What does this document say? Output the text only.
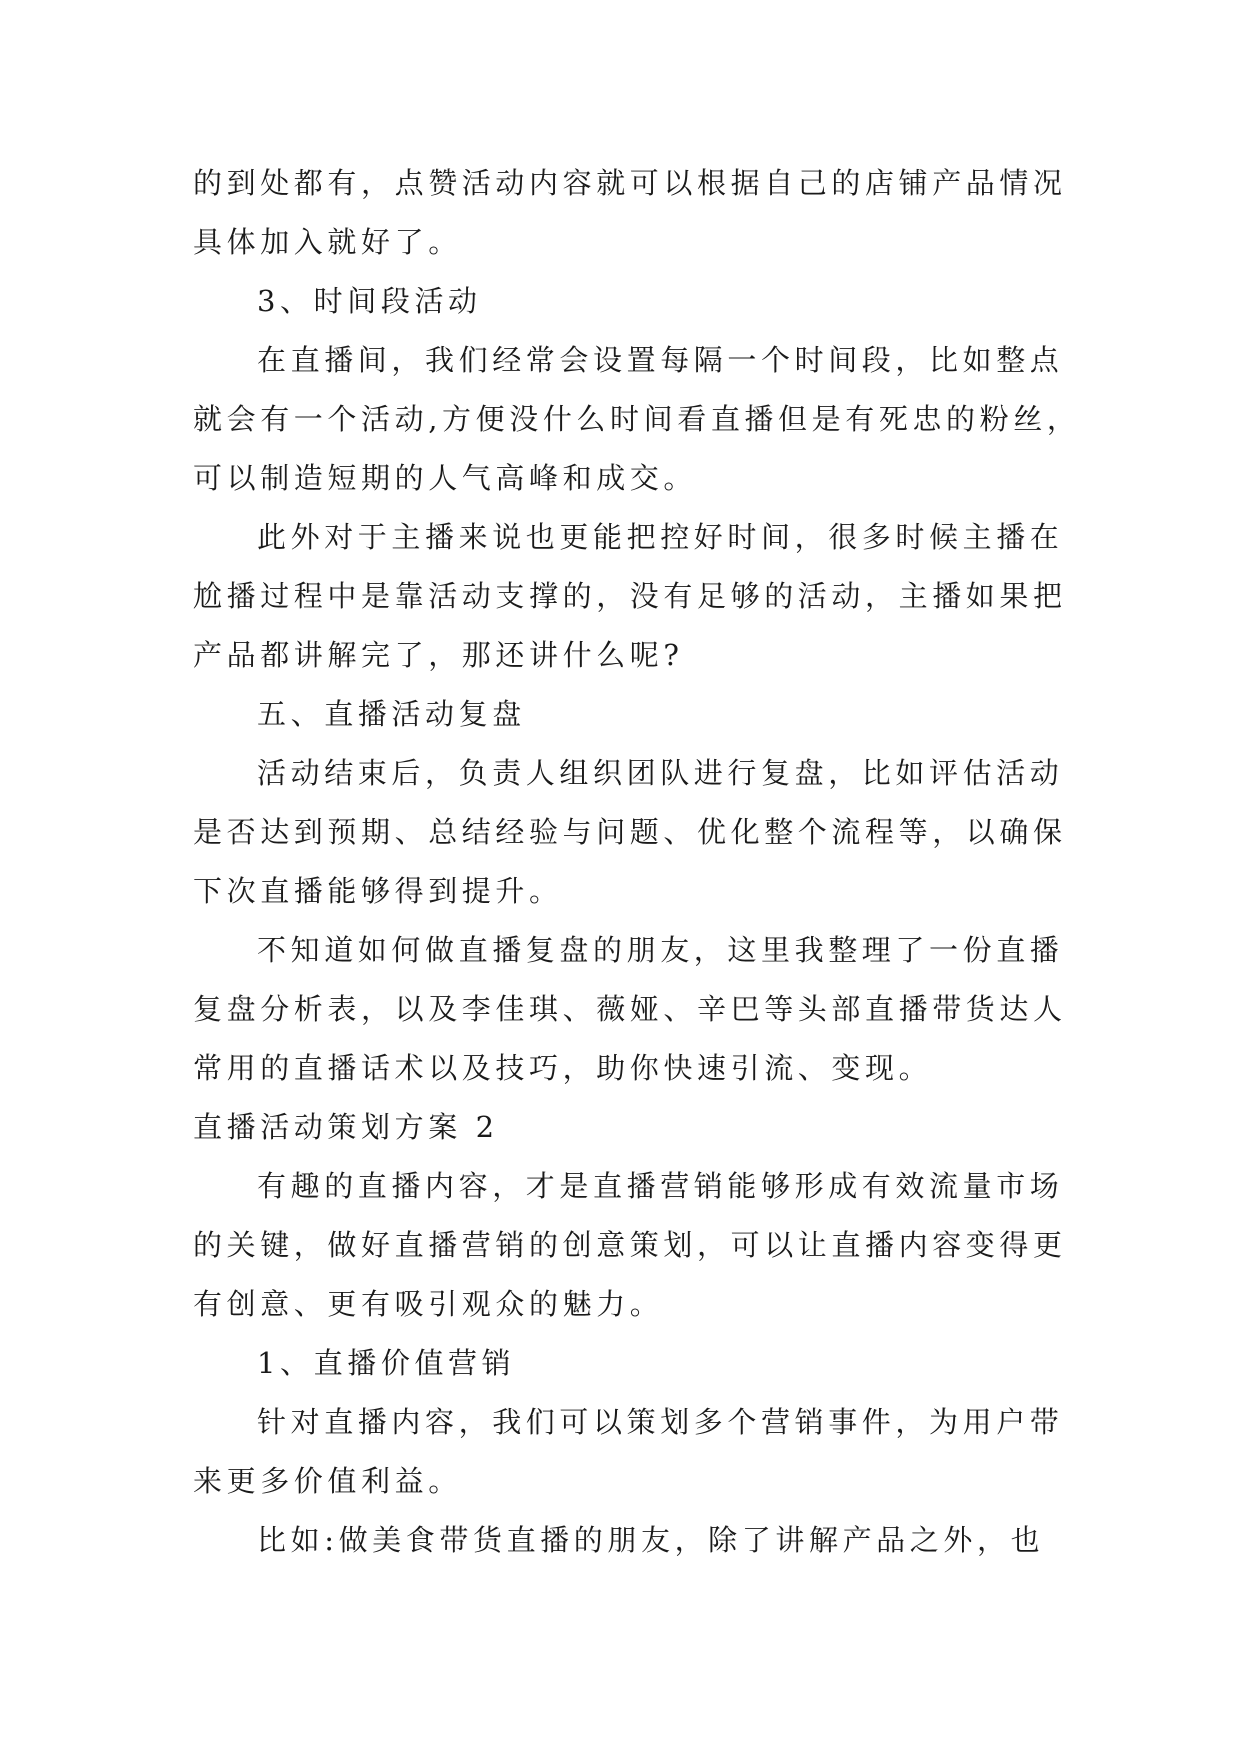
的到处都有，点赞活动内容就可以根据自己的店铺产品情况
具体加入就好了。
3、时间段活动
在直播间，我们经常会设置每隔一个时间段，比如整点
就会有一个活动,方便没什么时间看直播但是有死忠的粉丝，
可以制造短期的人气高峰和成交。
此外对于主播来说也更能把控好时间，很多时候主播在
尬播过程中是靠活动支撑的，没有足够的活动，主播如果把
产品都讲解完了，那还讲什么呢?
五、直播活动复盘
活动结束后，负责人组织团队进行复盘，比如评估活动
是否达到预期、总结经验与问题、优化整个流程等，以确保
下次直播能够得到提升。
不知道如何做直播复盘的朋友，这里我整理了一份直播
复盘分析表，以及李佳琪、薇娅、辛巴等头部直播带货达人
常用的直播话术以及技巧，助你快速引流、变现。
直播活动策划方案 2
有趣的直播内容，才是直播营销能够形成有效流量市场
的关键，做好直播营销的创意策划，可以让直播内容变得更
有创意、更有吸引观众的魅力。
1、直播价值营销
针对直播内容，我们可以策划多个营销事件，为用户带
来更多价值利益。
比如:做美食带货直播的朋友，除了讲解产品之外，也
